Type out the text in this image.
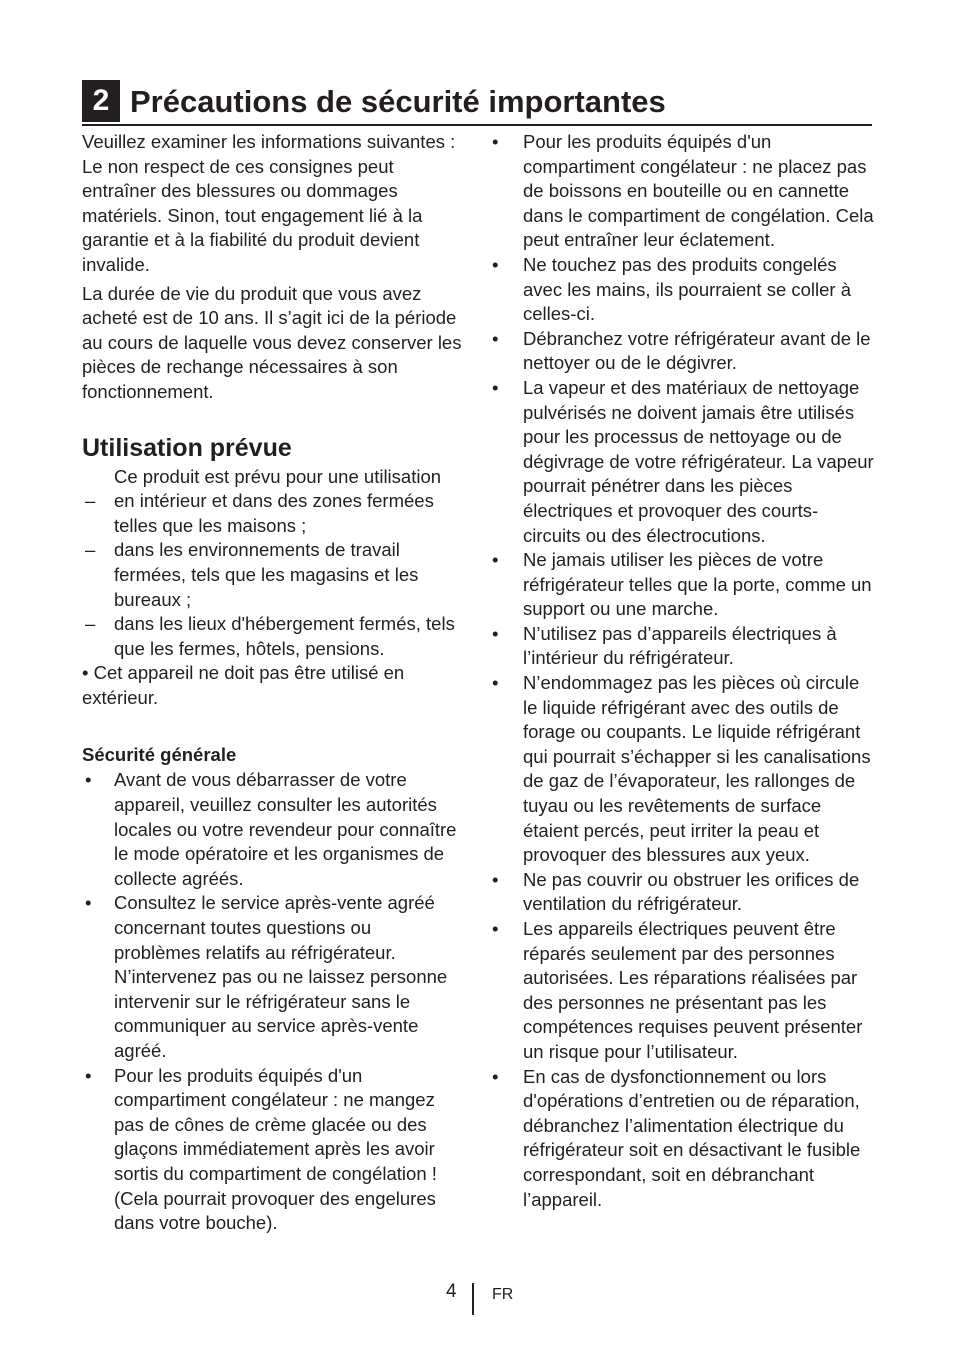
2 Précautions de sécurité importantes

Veuillez examiner les informations suivantes : Le non respect de ces consignes peut entraîner des blessures ou dommages matériels. Sinon, tout engagement lié à la garantie et à la fiabilité du produit devient invalide.

La durée de vie du produit que vous avez acheté est de 10 ans. Il s’agit ici de la période au cours de laquelle vous devez conserver les pièces de rechange nécessaires à son fonctionnement.

Utilisation prévue
Ce produit est prévu pour une utilisation
– en intérieur et dans des zones fermées telles que les maisons ;
– dans les environnements de travail fermées, tels que les magasins et les bureaux ;
– dans les lieux d'hébergement fermés, tels que les fermes, hôtels, pensions.
• Cet appareil ne doit pas être utilisé en extérieur.
Sécurité générale
• Avant de vous débarrasser de votre appareil, veuillez consulter les autorités locales ou votre revendeur pour connaître le mode opératoire et les organismes de collecte agréés.
• Consultez le service après-vente agréé concernant toutes questions ou problèmes relatifs au réfrigérateur. N’intervenez pas ou ne laissez personne intervenir sur le réfrigérateur sans le communiquer au service après-vente agréé.
• Pour les produits équipés d'un compartiment congélateur : ne mangez pas de cônes de crème glacée ou des glaçons immédiatement après les avoir sortis du compartiment de congélation ! (Cela pourrait provoquer des engelures dans votre bouche).
• Pour les produits équipés d'un compartiment congélateur : ne placez pas de boissons en bouteille ou en cannette dans le compartiment de congélation. Cela peut entraîner leur éclatement.
• Ne touchez pas des produits congelés avec les mains, ils pourraient se coller à celles-ci.
• Débranchez votre réfrigérateur avant de le nettoyer ou de le dégivrer.
• La vapeur et des matériaux de nettoyage pulvérisés ne doivent jamais être utilisés pour les processus de nettoyage ou de dégivrage de votre réfrigérateur. La vapeur pourrait pénétrer dans les pièces électriques et provoquer des courts-circuits ou des électrocutions.
• Ne jamais utiliser les pièces de votre réfrigérateur telles que la porte, comme un support ou une marche.
• N’utilisez pas d’appareils électriques à l’intérieur du réfrigérateur.
• N’endommagez pas les pièces où circule le liquide réfrigérant avec des outils de forage ou coupants. Le liquide réfrigérant qui pourrait s’échapper si les canalisations de gaz de l’évaporateur, les rallonges de tuyau ou les revêtements de surface étaient percés, peut irriter la peau et provoquer des blessures aux yeux.
• Ne pas couvrir ou obstruer les orifices de ventilation du réfrigérateur.
• Les appareils électriques peuvent être réparés seulement par des personnes autorisées. Les réparations réalisées par des personnes ne présentant pas les compétences requises peuvent présenter un risque pour l’utilisateur.
• En cas de dysfonctionnement ou lors d'opérations d’entretien ou de réparation, débranchez l’alimentation électrique du réfrigérateur soit en désactivant le fusible correspondant, soit en débranchant l’appareil.
4 FR
